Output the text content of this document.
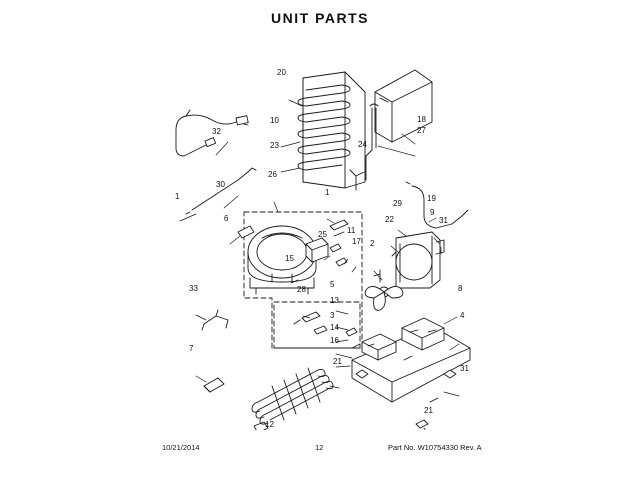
UNIT PARTS
20
10
23	24
18
27
32
30
1
26
1
19
29
9
6	22	31
11
25
17 2
15
33	5
28
13
8
3	4
14
16
7
21
31
12
21
10/21/2014	12	Part No. W10754330 Rev. A
